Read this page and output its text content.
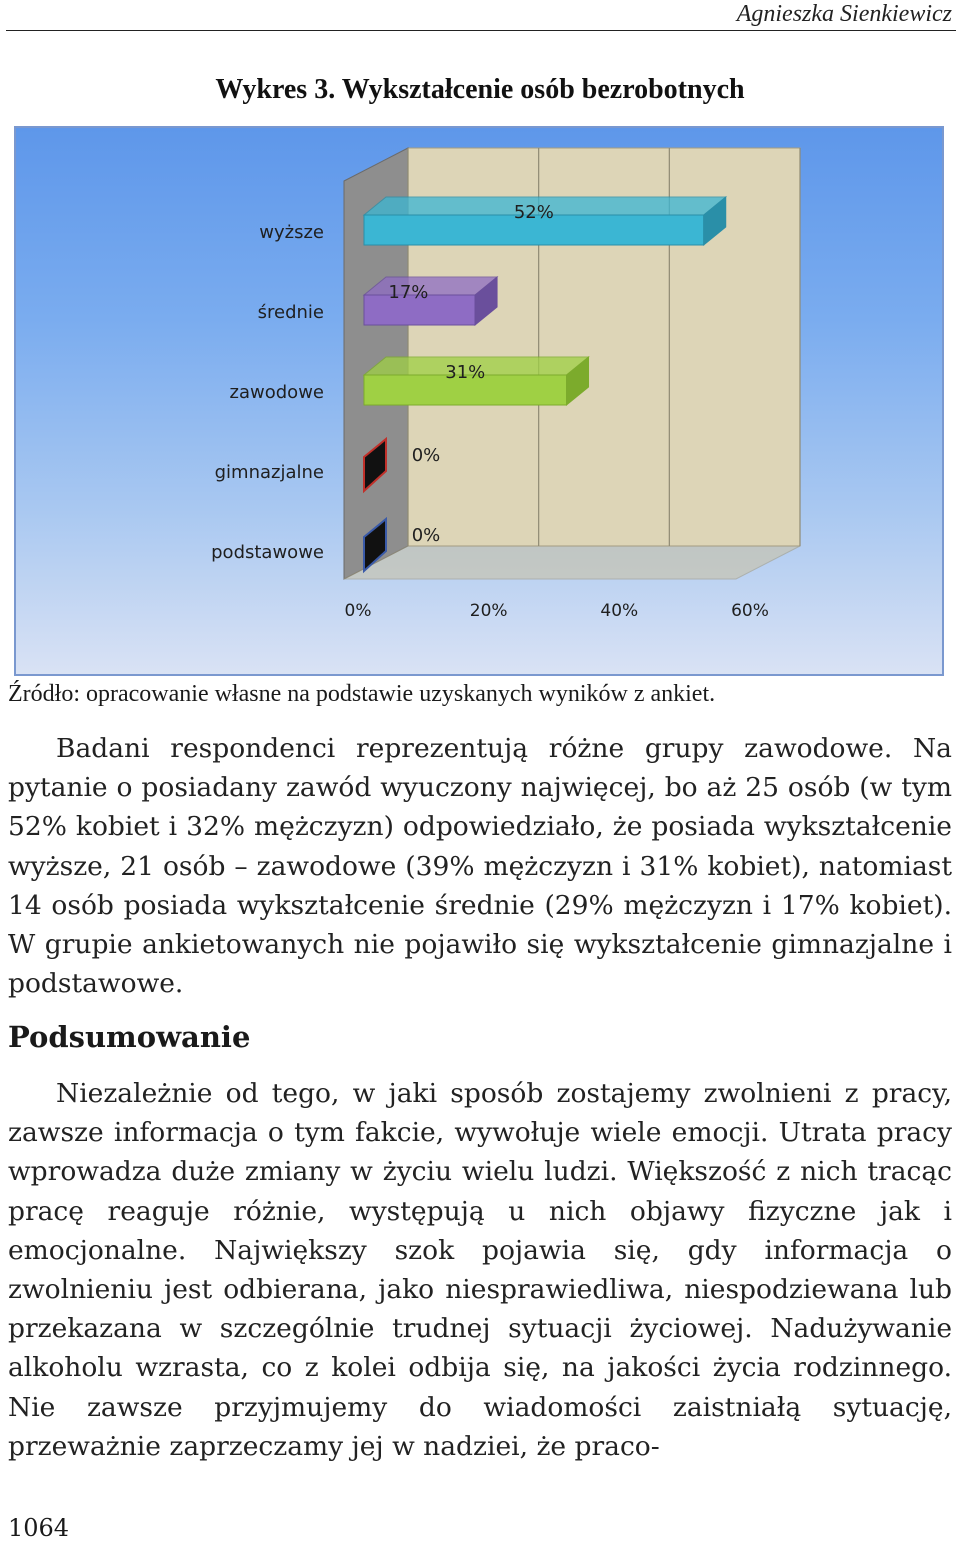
Agnieszka Sienkiewicz
Wykres 3. Wykształcenie osób bezrobotnych
0%	20%	40%	60%
52%
wyższe
17%
średnie
31%
zawodowe
0%
gimnazjalne
0%
podstawowe
Źródło: opracowanie własne na podstawie uzyskanych wyników z ankiet.

Badani respondenci reprezentują różne grupy zawodowe. Na pytanie o posiadany zawód wyuczony najwięcej, bo aż 25 osób (w tym 52% kobiet i 32% mężczyzn) odpowiedziało, że posiada wykształcenie wyższe, 21 osób – zawodowe (39% mężczyzn i 31% kobiet), natomiast 14 osób posiada wykształcenie średnie (29% mężczyzn i 17% kobiet). W grupie ankietowanych nie pojawiło się wykształcenie gimnazjalne i podstawowe.

Podsumowanie

Niezależnie od tego, w jaki sposób zostajemy zwolnieni z pracy, zawsze informacja o tym fakcie, wywołuje wiele emocji. Utrata pracy wprowadza duże zmiany w życiu wielu ludzi. Większość z nich tracąc pracę reaguje różnie, występują u nich objawy fizyczne jak i emocjonalne. Największy szok pojawia się, gdy informacja o zwolnieniu jest odbierana, jako niesprawiedliwa, niespodziewana lub przekazana w szczególnie trudnej sytuacji życiowej. Nadużywanie alkoholu wzrasta, co z kolei odbija się, na jakości życia rodzinnego. Nie zawsze przyjmujemy do wiadomości zaistniałą sytuację, przeważnie zaprzeczamy jej w nadziei, że praco-

1064
